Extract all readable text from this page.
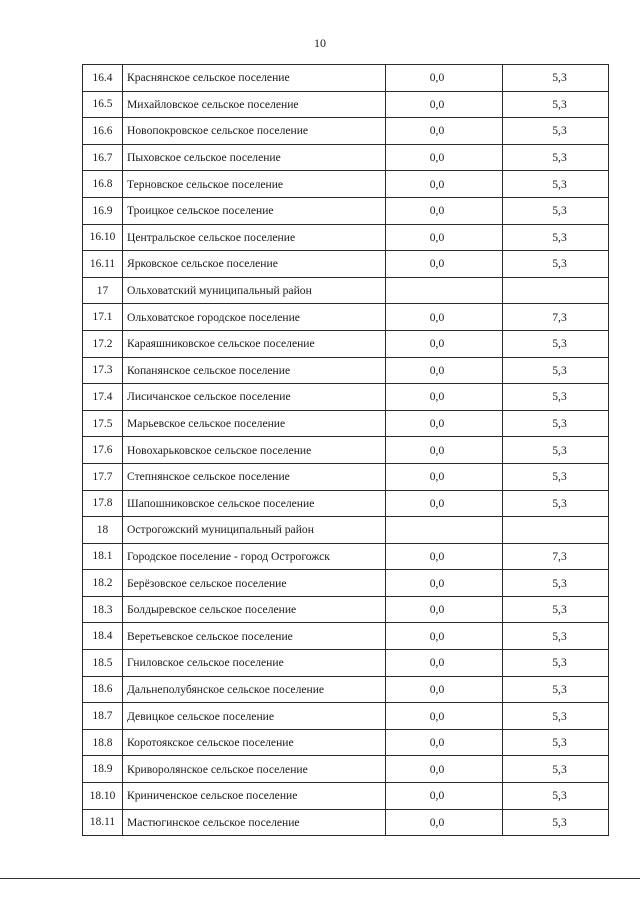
10
16.4	Краснянское сельское поселение	0,0	5,3
16.5	Михайловское сельское поселение	0,0	5,3
16.6	Новопокровское сельское поселение	0,0	5,3
16.7	Пыховское сельское поселение	0,0	5,3
16.8	Терновское сельское поселение	0,0	5,3
16.9	Троицкое сельское поселение	0,0	5,3
16.10	Центральское сельское поселение	0,0	5,3
16.11	Ярковское сельское поселение	0,0	5,3
17	Ольховатский муниципальный район		
17.1	Ольховатское городское поселение	0,0	7,3
17.2	Караяшниковское сельское поселение	0,0	5,3
17.3	Копанянское сельское поселение	0,0	5,3
17.4	Лисичанское сельское поселение	0,0	5,3
17.5	Марьевское сельское поселение	0,0	5,3
17.6	Новохарьковское сельское поселение	0,0	5,3
17.7	Степнянское сельское поселение	0,0	5,3
17.8	Шапошниковское сельское поселение	0,0	5,3
18	Острогожский муниципальный район		
18.1	Городское поселение - город Острогожск	0,0	7,3
18.2	Берёзовское сельское поселение	0,0	5,3
18.3	Болдыревское сельское поселение	0,0	5,3
18.4	Веретьевское сельское поселение	0,0	5,3
18.5	Гниловское сельское поселение	0,0	5,3
18.6	Дальнеполубянское сельское поселение	0,0	5,3
18.7	Девицкое сельское поселение	0,0	5,3
18.8	Коротоякское сельское поселение	0,0	5,3
18.9	Криворолянское сельское поселение	0,0	5,3
18.10	Криниченское сельское поселение	0,0	5,3
18.11	Мастюгинское сельское поселение	0,0	5,3
